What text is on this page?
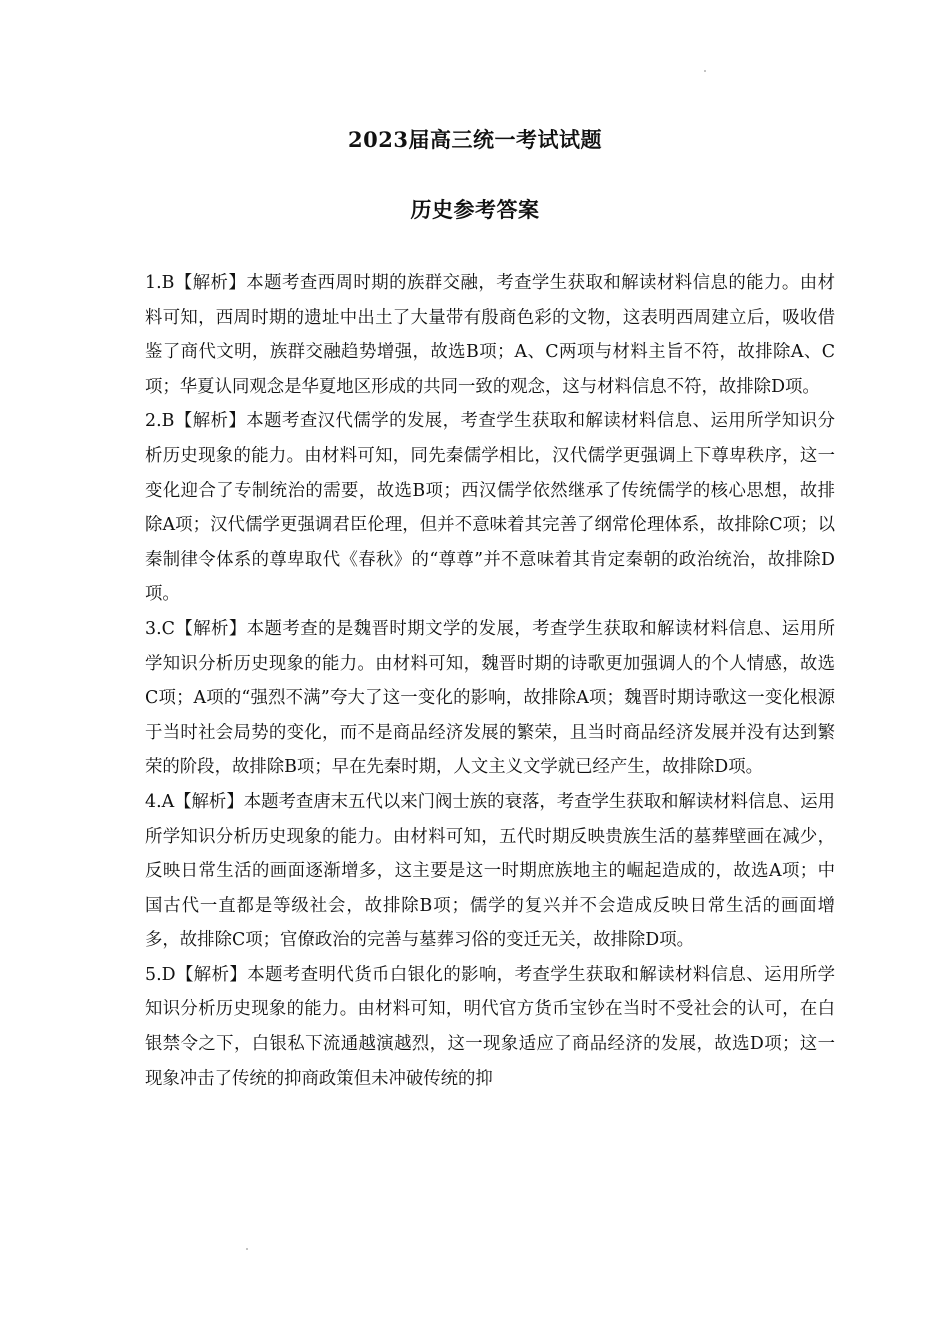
2023届高三统一考试试题
历史参考答案

1.B【解析】本题考查西周时期的族群交融，考查学生获取和解读材料信息的能力。由材料可知，西周时期的遗址中出土了大量带有殷商色彩的文物，这表明西周建立后，吸收借鉴了商代文明，族群交融趋势增强，故选B项；A、C两项与材料主旨不符，故排除A、C项；华夏认同观念是华夏地区形成的共同一致的观念，这与材料信息不符，故排除D项。

2.B【解析】本题考查汉代儒学的发展，考查学生获取和解读材料信息、运用所学知识分析历史现象的能力。由材料可知，同先秦儒学相比，汉代儒学更强调上下尊卑秩序，这一变化迎合了专制统治的需要，故选B项；西汉儒学依然继承了传统儒学的核心思想，故排除A项；汉代儒学更强调君臣伦理，但并不意味着其完善了纲常伦理体系，故排除C项；以秦制律令体系的尊卑取代《春秋》的“尊尊”并不意味着其肯定秦朝的政治统治，故排除D项。

3.C【解析】本题考查的是魏晋时期文学的发展，考查学生获取和解读材料信息、运用所学知识分析历史现象的能力。由材料可知，魏晋时期的诗歌更加强调人的个人情感，故选C项；A项的“强烈不满”夸大了这一变化的影响，故排除A项；魏晋时期诗歌这一变化根源于当时社会局势的变化，而不是商品经济发展的繁荣，且当时商品经济发展并没有达到繁荣的阶段，故排除B项；早在先秦时期，人文主义文学就已经产生，故排除D项。

4.A【解析】本题考查唐末五代以来门阀士族的衰落，考查学生获取和解读材料信息、运用所学知识分析历史现象的能力。由材料可知，五代时期反映贵族生活的墓葬壁画在减少，反映日常生活的画面逐渐增多，这主要是这一时期庶族地主的崛起造成的，故选A项；中国古代一直都是等级社会，故排除B项；儒学的复兴并不会造成反映日常生活的画面增多，故排除C项；官僚政治的完善与墓葬习俗的变迁无关，故排除D项。

5.D【解析】本题考查明代货币白银化的影响，考查学生获取和解读材料信息、运用所学知识分析历史现象的能力。由材料可知，明代官方货币宝钞在当时不受社会的认可，在白银禁令之下，白银私下流通越演越烈，这一现象适应了商品经济的发展，故选D项；这一现象冲击了传统的抑商政策但未冲破传统的抑
